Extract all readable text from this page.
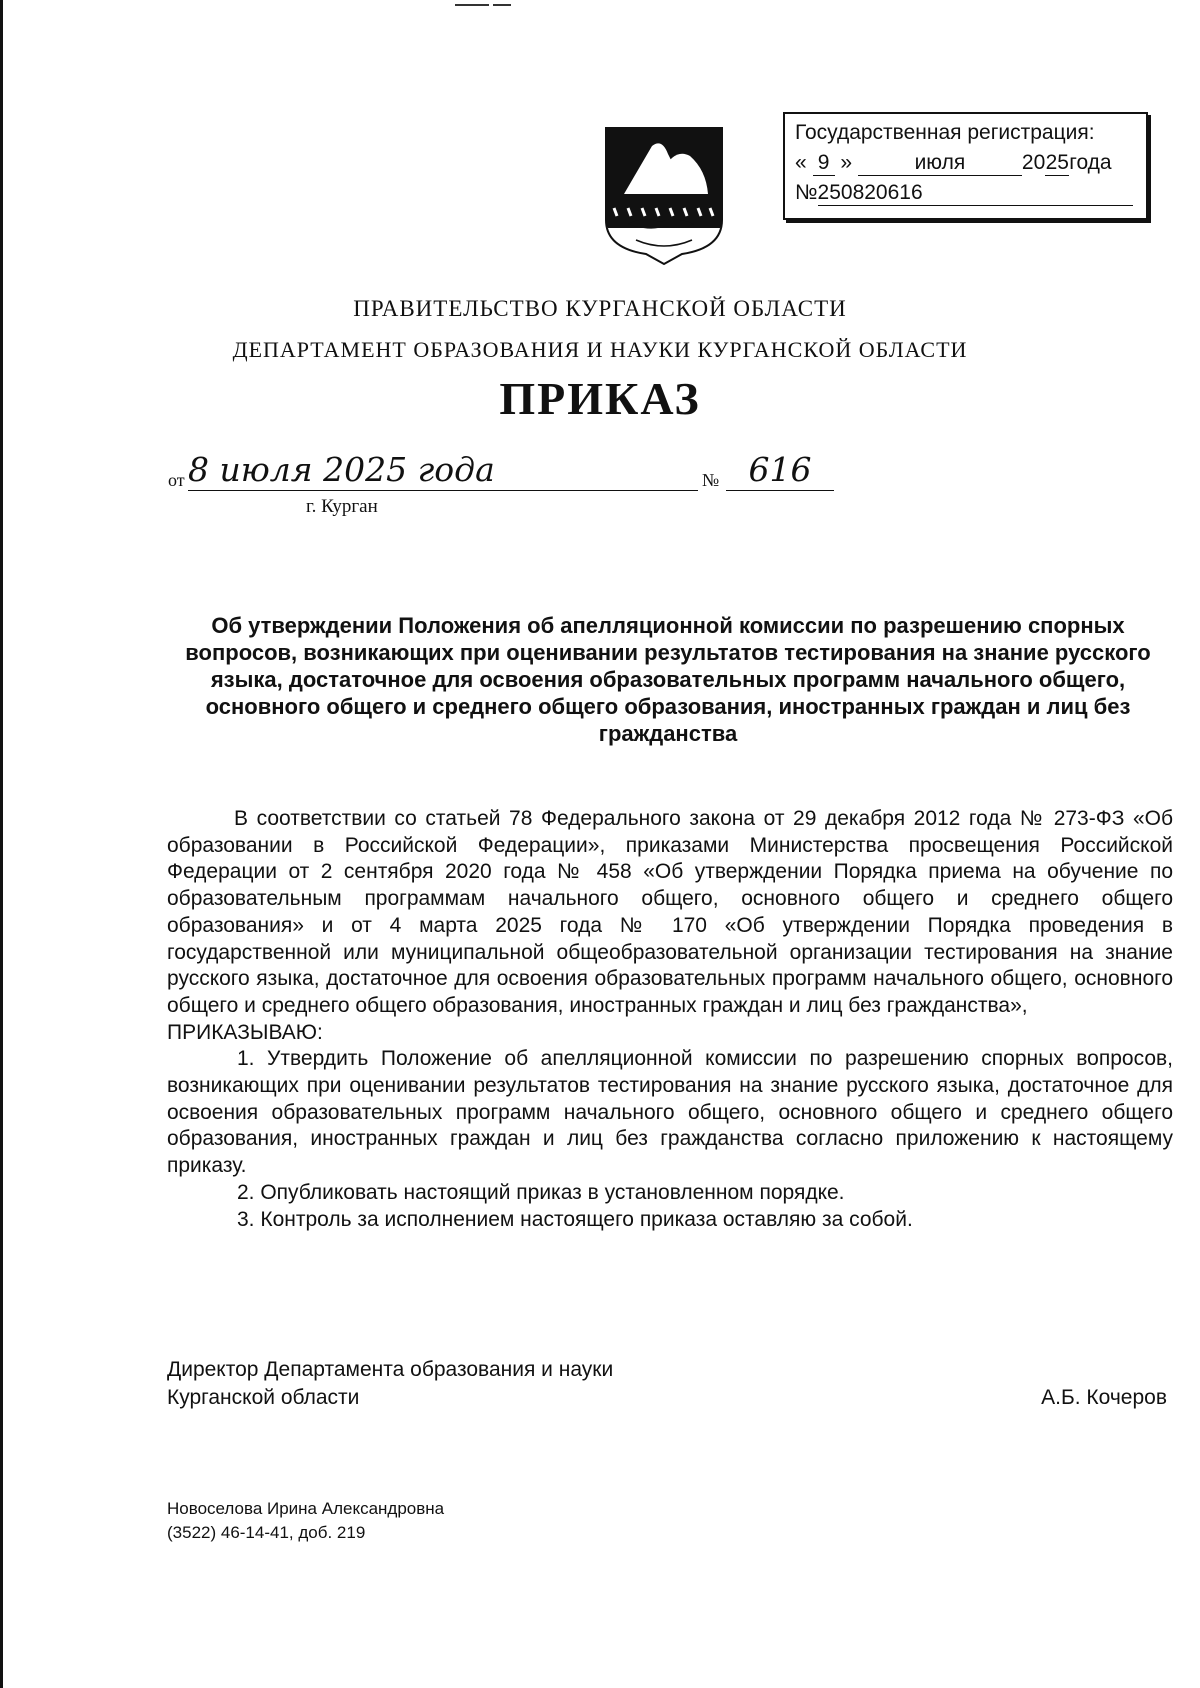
Государственная регистрация:
« 9 »	июля	2025года
№250820616
ПРАВИТЕЛЬСТВО КУРГАНСКОЙ ОБЛАСТИ
ДЕПАРТАМЕНТ ОБРАЗОВАНИЯ И НАУКИ КУРГАНСКОЙ ОБЛАСТИ
ПРИКАЗ
от 8 июля 2025 года	№ 616
г. Курган
Об утверждении Положения об апелляционной комиссии по разрешению спорных вопросов, возникающих при оценивании результатов тестирования на знание русского языка, достаточное для освоения образовательных программ начального общего, основного общего и среднего общего образования, иностранных граждан и лиц без гражданства

В соответствии со статьей 78 Федерального закона от 29 декабря 2012 года № 273-ФЗ «Об образовании в Российской Федерации», приказами Министерства просвещения Российской Федерации от 2 сентября 2020 года № 458 «Об утверждении Порядка приема на обучение по образовательным программам начального общего, основного общего и среднего общего образования» и от 4 марта 2025 года № 170 «Об утверждении Порядка проведения в государственной или муниципальной общеобразовательной организации тестирования на знание русского языка, достаточное для освоения образовательных программ начального общего, основного общего и среднего общего образования, иностранных граждан и лиц без гражданства»,

ПРИКАЗЫВАЮ:

1. Утвердить Положение об апелляционной комиссии по разрешению спорных вопросов, возникающих при оценивании результатов тестирования на знание русского языка, достаточное для освоения образовательных программ начального общего, основного общего и среднего общего образования, иностранных граждан и лиц без гражданства согласно приложению к настоящему приказу.

2. Опубликовать настоящий приказ в установленном порядке.

3. Контроль за исполнением настоящего приказа оставляю за собой.

Директор Департамента образования и науки
Курганской области	А.Б. Кочеров
Новоселова Ирина Александровна
(3522) 46-14-41, доб. 219
